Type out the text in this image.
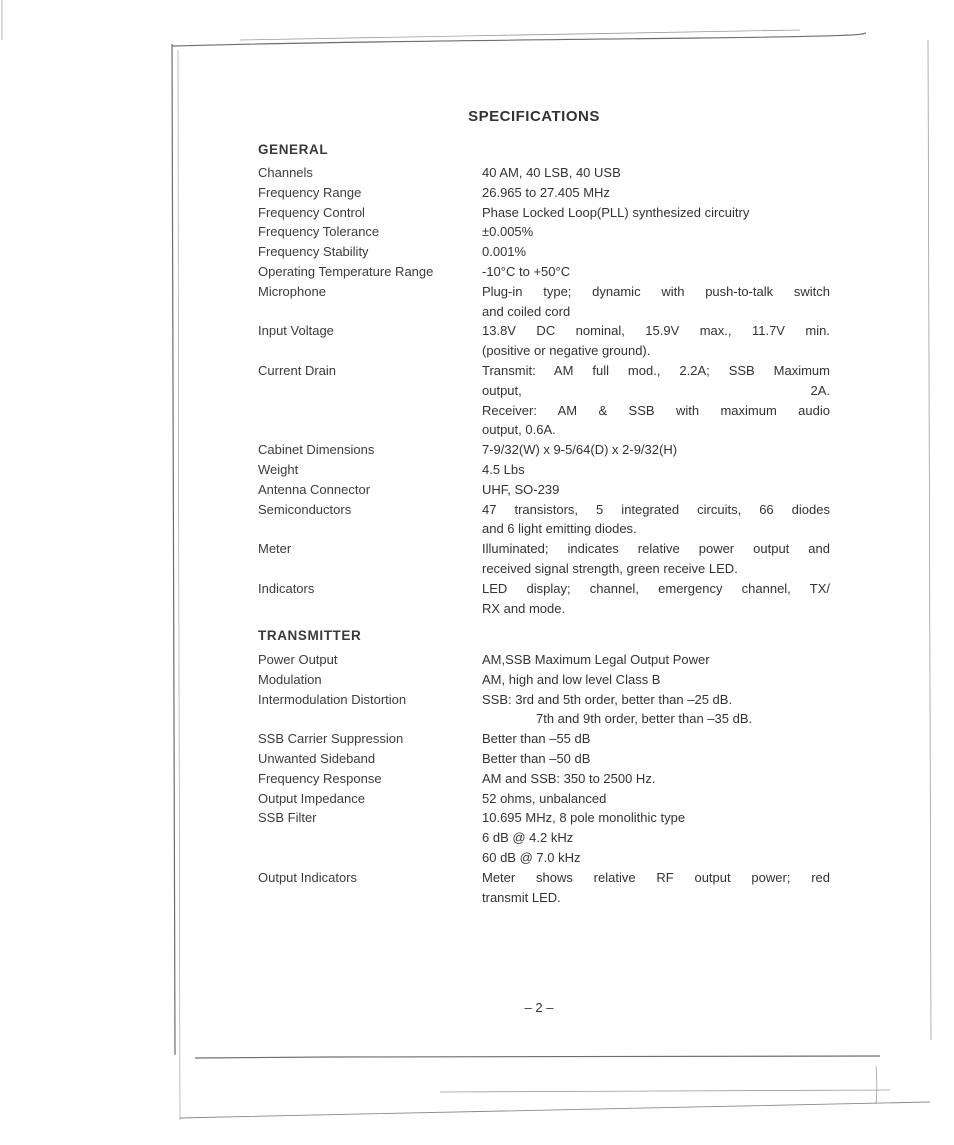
SPECIFICATIONS
GENERAL
Channels	40 AM, 40 LSB, 40 USB
Frequency Range	26.965 to 27.405 MHz
Frequency Control	Phase Locked Loop(PLL) synthesized circuitry
Frequency Tolerance	±0.005%
Frequency Stability	0.001%
Operating Temperature Range	-10°C to +50°C
Microphone	Plug-in type; dynamic with push-to-talk switch
and coiled cord
Input Voltage	13.8V DC nominal, 15.9V max., 11.7V min.
(positive or negative ground).
Current Drain	Transmit: AM full mod., 2.2A; SSB Maximum
output, 2A.
Receiver: AM & SSB with maximum audio
output, 0.6A.
Cabinet Dimensions	7-9/32(W) x 9-5/64(D) x 2-9/32(H)
Weight	4.5 Lbs
Antenna Connector	UHF, SO-239
Semiconductors	47 transistors, 5 integrated circuits, 66 diodes
and 6 light emitting diodes.
Meter	Illuminated; indicates relative power output and
received signal strength, green receive LED.
Indicators	LED display; channel, emergency channel, TX/
RX and mode.
TRANSMITTER
Power Output	AM,SSB Maximum Legal Output Power
Modulation	AM, high and low level Class B
Intermodulation Distortion	SSB: 3rd and 5th order, better than –25 dB.
7th and 9th order, better than –35 dB.
SSB Carrier Suppression	Better than –55 dB
Unwanted Sideband	Better than –50 dB
Frequency Response	AM and SSB: 350 to 2500 Hz.
Output Impedance	52 ohms, unbalanced
SSB Filter	10.695 MHz, 8 pole monolithic type
6 dB @ 4.2 kHz
60 dB @ 7.0 kHz
Output Indicators	Meter shows relative RF output power; red
transmit LED.
– 2 –
